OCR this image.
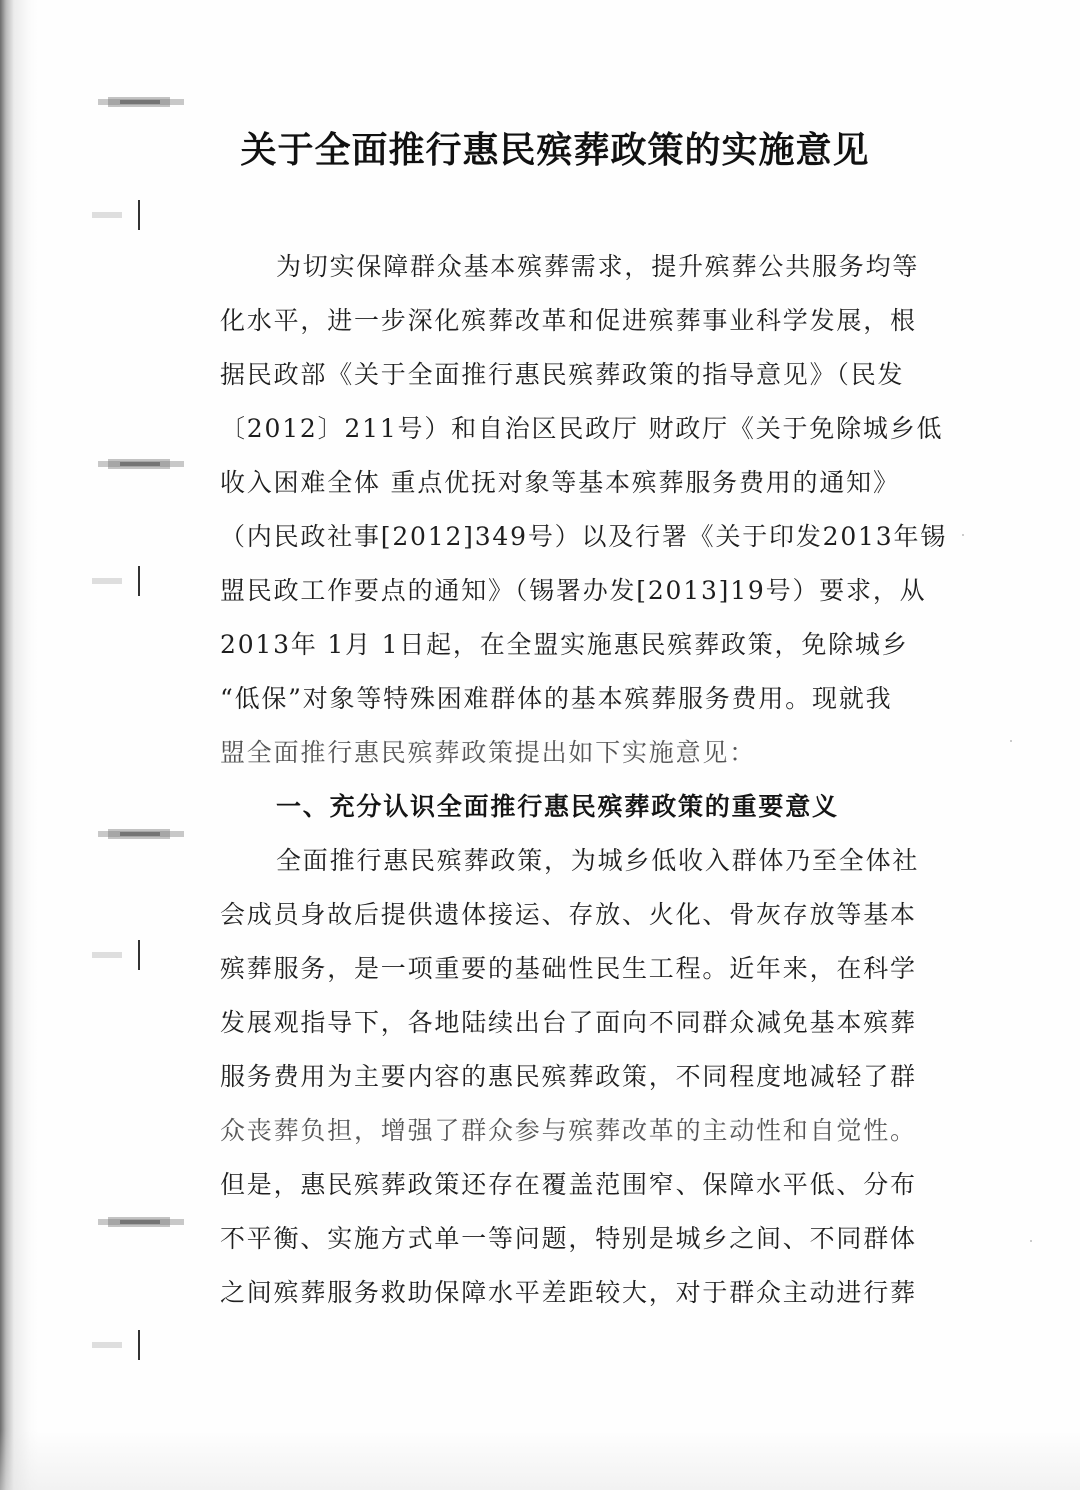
关于全面推行惠民殡葬政策的实施意见
为切实保障群众基本殡葬需求，提升殡葬公共服务均等
化水平，进一步深化殡葬改革和促进殡葬事业科学发展，根
据民政部《关于全面推行惠民殡葬政策的指导意见》（民发
〔2012〕211号）和自治区民政厅 财政厅《关于免除城乡低
收入困难全体 重点优抚对象等基本殡葬服务费用的通知》
（内民政社事[2012]349号）以及行署《关于印发2013年锡
盟民政工作要点的通知》（锡署办发[2013]19号）要求，从
2013年 1月 1日起，在全盟实施惠民殡葬政策，免除城乡
“低保”对象等特殊困难群体的基本殡葬服务费用。现就我
盟全面推行惠民殡葬政策提出如下实施意见：
一、充分认识全面推行惠民殡葬政策的重要意义
全面推行惠民殡葬政策，为城乡低收入群体乃至全体社
会成员身故后提供遗体接运、存放、火化、骨灰存放等基本
殡葬服务，是一项重要的基础性民生工程。近年来，在科学
发展观指导下，各地陆续出台了面向不同群众减免基本殡葬
服务费用为主要内容的惠民殡葬政策，不同程度地减轻了群
众丧葬负担，增强了群众参与殡葬改革的主动性和自觉性。
但是，惠民殡葬政策还存在覆盖范围窄、保障水平低、分布
不平衡、实施方式单一等问题，特别是城乡之间、不同群体
之间殡葬服务救助保障水平差距较大，对于群众主动进行葬
